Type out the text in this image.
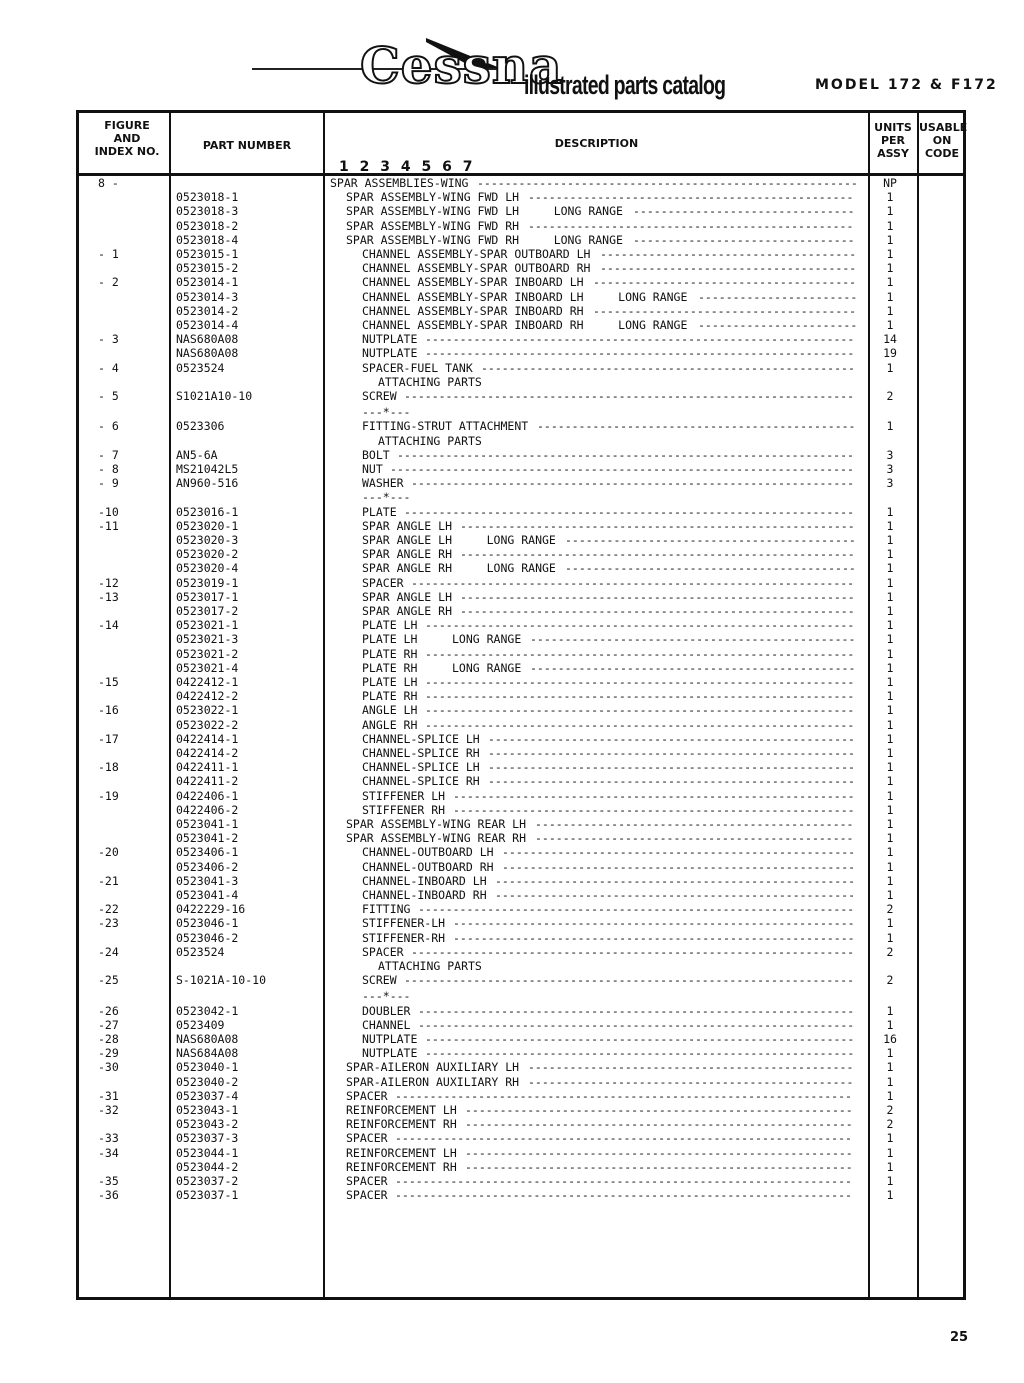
Cessna
illustrated parts catalog	MODEL 172 & F172
FIGURE AND INDEX NO.	PART NUMBER	DESCRIPTION
1 2 3 4 5 6 7
UNITS PER ASSY
USABLE ON CODE
8 -	SPAR ASSEMBLIES-WING -------------------------------------------------------	NP
0523018-1	SPAR ASSEMBLY-WING FWD LH -----------------------------------------------	1
0523018-3	SPAR ASSEMBLY-WING FWD LH     LONG RANGE --------------------------------	1
0523018-2	SPAR ASSEMBLY-WING FWD RH -----------------------------------------------	1
0523018-4	SPAR ASSEMBLY-WING FWD RH     LONG RANGE --------------------------------	1
- 1	0523015-1	CHANNEL ASSEMBLY-SPAR OUTBOARD LH -------------------------------------	1
0523015-2	CHANNEL ASSEMBLY-SPAR OUTBOARD RH -------------------------------------	1
- 2	0523014-1	CHANNEL ASSEMBLY-SPAR INBOARD LH --------------------------------------	1
0523014-3	CHANNEL ASSEMBLY-SPAR INBOARD LH     LONG RANGE -----------------------	1
0523014-2	CHANNEL ASSEMBLY-SPAR INBOARD RH --------------------------------------	1
0523014-4	CHANNEL ASSEMBLY-SPAR INBOARD RH     LONG RANGE -----------------------	1
- 3	NAS680A08	NUTPLATE --------------------------------------------------------------	14
NAS680A08	NUTPLATE --------------------------------------------------------------	19
- 4	0523524	SPACER-FUEL TANK ------------------------------------------------------	1
ATTACHING PARTS
- 5	S1021A10-10	SCREW -----------------------------------------------------------------	2
---*---
- 6	0523306	FITTING-STRUT ATTACHMENT ----------------------------------------------	1
ATTACHING PARTS
- 7	AN5-6A	BOLT ------------------------------------------------------------------	3
- 8	MS21042L5	NUT -------------------------------------------------------------------	3
- 9	AN960-516	WASHER ----------------------------------------------------------------	3
---*---
-10	0523016-1	PLATE -----------------------------------------------------------------	1
-11	0523020-1	SPAR ANGLE LH ---------------------------------------------------------	1
0523020-3	SPAR ANGLE LH     LONG RANGE ------------------------------------------	1
0523020-2	SPAR ANGLE RH ---------------------------------------------------------	1
0523020-4	SPAR ANGLE RH     LONG RANGE ------------------------------------------	1
-12	0523019-1	SPACER ----------------------------------------------------------------	1
-13	0523017-1	SPAR ANGLE LH ---------------------------------------------------------	1
0523017-2	SPAR ANGLE RH ---------------------------------------------------------	1
-14	0523021-1	PLATE LH --------------------------------------------------------------	1
0523021-3	PLATE LH     LONG RANGE -----------------------------------------------	1
0523021-2	PLATE RH --------------------------------------------------------------	1
0523021-4	PLATE RH     LONG RANGE -----------------------------------------------	1
-15	0422412-1	PLATE LH --------------------------------------------------------------	1
0422412-2	PLATE RH --------------------------------------------------------------	1
-16	0523022-1	ANGLE LH --------------------------------------------------------------	1
0523022-2	ANGLE RH --------------------------------------------------------------	1
-17	0422414-1	CHANNEL-SPLICE LH -----------------------------------------------------	1
0422414-2	CHANNEL-SPLICE RH -----------------------------------------------------	1
-18	0422411-1	CHANNEL-SPLICE LH -----------------------------------------------------	1
0422411-2	CHANNEL-SPLICE RH -----------------------------------------------------	1
-19	0422406-1	STIFFENER LH ----------------------------------------------------------	1
0422406-2	STIFFENER RH ----------------------------------------------------------	1
0523041-1	SPAR ASSEMBLY-WING REAR LH ----------------------------------------------	1
0523041-2	SPAR ASSEMBLY-WING REAR RH ----------------------------------------------	1
-20	0523406-1	CHANNEL-OUTBOARD LH ---------------------------------------------------	1
0523406-2	CHANNEL-OUTBOARD RH ---------------------------------------------------	1
-21	0523041-3	CHANNEL-INBOARD LH ----------------------------------------------------	1
0523041-4	CHANNEL-INBOARD RH ----------------------------------------------------	1
-22	0422229-16	FITTING ---------------------------------------------------------------	2
-23	0523046-1	STIFFENER-LH ----------------------------------------------------------	1
0523046-2	STIFFENER-RH ----------------------------------------------------------	1
-24	0523524	SPACER ----------------------------------------------------------------	2
ATTACHING PARTS
-25	S-1021A-10-10	SCREW -----------------------------------------------------------------	2
---*---
-26	0523042-1	DOUBLER ---------------------------------------------------------------	1
-27	0523409	CHANNEL ---------------------------------------------------------------	1
-28	NAS680A08	NUTPLATE --------------------------------------------------------------	16
-29	NAS684A08	NUTPLATE --------------------------------------------------------------	1
-30	0523040-1	SPAR-AILERON AUXILIARY LH -----------------------------------------------	1
0523040-2	SPAR-AILERON AUXILIARY RH -----------------------------------------------	1
-31	0523037-4	SPACER ------------------------------------------------------------------	1
-32	0523043-1	REINFORCEMENT LH --------------------------------------------------------	2
0523043-2	REINFORCEMENT RH --------------------------------------------------------	2
-33	0523037-3	SPACER ------------------------------------------------------------------	1
-34	0523044-1	REINFORCEMENT LH --------------------------------------------------------	1
0523044-2	REINFORCEMENT RH --------------------------------------------------------	1
-35	0523037-2	SPACER ------------------------------------------------------------------	1
-36	0523037-1	SPACER ------------------------------------------------------------------	1
25
